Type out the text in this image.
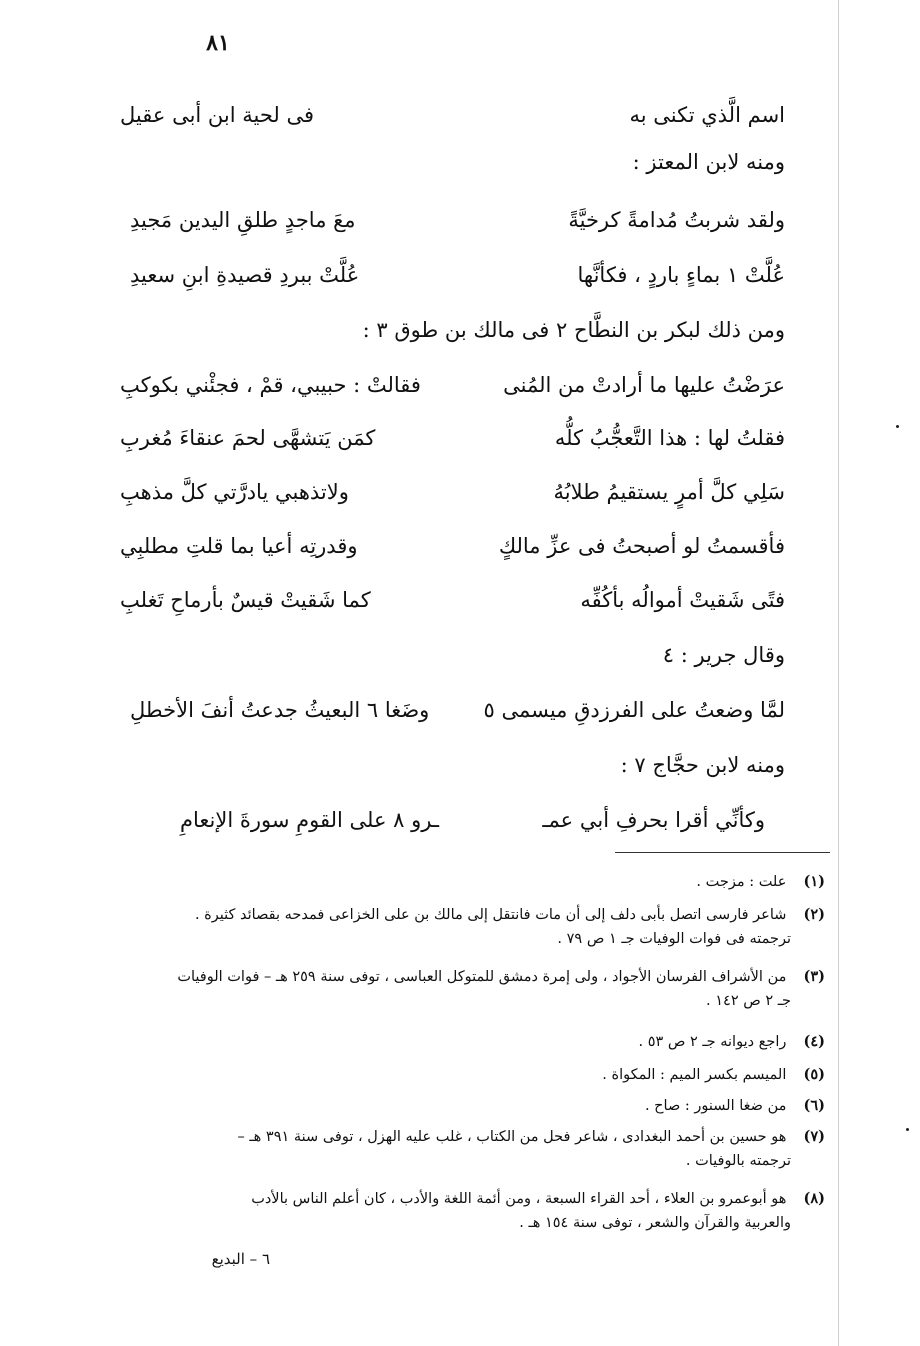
٨١
اسم الَّذي تكنى به
فى لحية ابن أبى عقيل
ومنه لابن المعتز :
ولقد شربتُ مُدامةً كرخيَّةً
معَ ماجدٍ طلقِ اليدين مَجيدِ
عُلَّتْ ١ بماءٍ باردٍ ، فكأنَّها
عُلَّتْ ببردِ قصيدةِ ابنِ سعيدِ
ومن ذلك لبكر بن النطَّاح ٢ فى مالك بن طوق ٣ :
عرَضْتُ عليها ما أرادتْ من المُنى
فقالتْ : حبيبي، قمْ ، فجئْني بكوكبِ
فقلتُ لها : هذا التَّعجُّبُ كلُّه
كمَن يَتشهَّى لحمَ عنقاءَ مُغربِ
سَلِي كلَّ أمرٍ يستقيمُ طلابُهُ
ولاتذهبي يادرَّتي كلَّ مذهبِ
فأقسمتُ لو أصبحتُ فى عزِّ مالكٍ
وقدرتِه أعيا بما قلتِ مطلبِي
فتًى شَقيتْ أموالُه بأكُفِّه
كما شَقيتْ قيسٌ بأرماحِ تَغلبِ
وقال جرير : ٤
لمَّا وضعتُ على الفرزدقِ ميسمى ٥
وضَغا ٦ البعيثُ جدعتُ أنفَ الأخطلِ
ومنه لابن حجَّاج ٧ :
وكأنِّي أقرا بحرفِ أبي عمـ
ـرو ٨ على القومِ سورةَ الإنعامِ
(١) علت : مزجت .
(٢) شاعر فارسى اتصل بأبى دلف إلى أن مات فانتقل إلى مالك بن على الخزاعى فمدحه بقصائد كثيرة .
ترجمته فى فوات الوفيات جـ ١ ص ٧٩ .
(٣) من الأشراف الفرسان الأجواد ، ولى إمرة دمشق للمتوكل العباسى ، توفى سنة ٢٥٩ هـ – فوات الوفيات
جـ ٢ ص ١٤٢ .
(٤) راجع ديوانه جـ ٢ ص ٥٣ .
(٥) الميسم بكسر الميم : المكواة .
(٦) من ضغا السنور : صاح .
(٧) هو حسين بن أحمد البغدادى ، شاعر فحل من الكتاب ، غلب عليه الهزل ، توفى سنة ٣٩١ هـ –
ترجمته بالوفيات .
(٨) هو أبوعمرو بن العلاء ، أحد القراء السبعة ، ومن أئمة اللغة والأدب ، كان أعلم الناس بالأدب
والعربية والقرآن والشعر ، توفى سنة ١٥٤ هـ .
٦ – البديع
